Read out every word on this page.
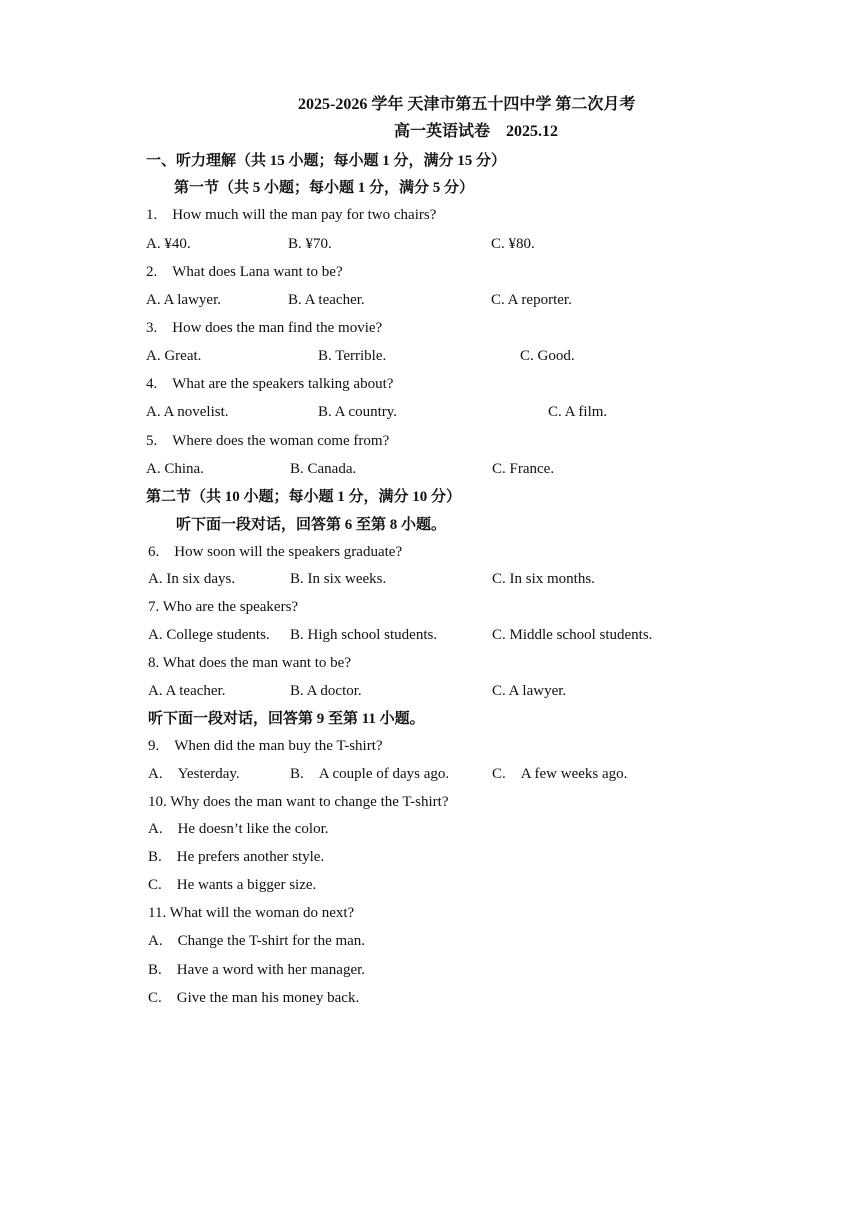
2025-2026 学年 天津市第五十四中学 第二次月考
高一英语试卷　2025.12
一、听力理解（共 15 小题；每小题 1 分，满分 15 分）
第一节（共 5 小题；每小题 1 分，满分 5 分）
1.　How much will the man pay for two chairs?
A. ¥40.	B. ¥70.	C. ¥80.
2.　What does Lana want to be?
A. A lawyer.	B. A teacher.	C. A reporter.
3.　How does the man find the movie?
A. Great.	B. Terrible.	C. Good.
4.　What are the speakers talking about?
A. A novelist.	B. A country.	C. A film.
5.　Where does the woman come from?
A. China.	B. Canada.	C. France.
第二节（共 10 小题；每小题 1 分，满分 10 分）
听下面一段对话，回答第 6 至第 8 小题。
6.　How soon will the speakers graduate?
A. In six days.	B. In six weeks.	C. In six months.
7. Who are the speakers?
A. College students. B. High school students.	C. Middle school students.
8. What does the man want to be?
A. A teacher.	B. A doctor.	C. A lawyer.
听下面一段对话，回答第 9 至第 11 小题。
9.　When did the man buy the T-shirt?
A.　Yesterday.	B.　A couple of days ago.	C.　A few weeks ago.
10. Why does the man want to change the T-shirt?
A.　He doesn’t like the color.
B.　He prefers another style.
C.　He wants a bigger size.
11. What will the woman do next?
A.　Change the T-shirt for the man.
B.　Have a word with her manager.
C.　Give the man his money back.
